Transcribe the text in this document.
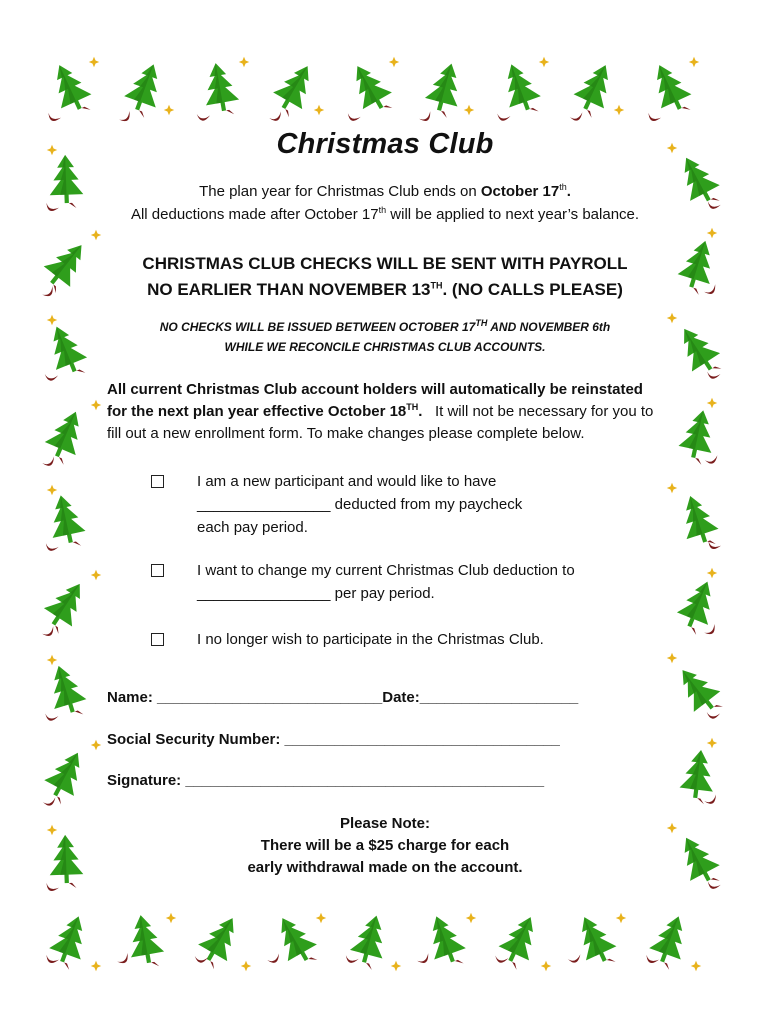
Christmas Club
The plan year for Christmas Club ends on October 17th.
All deductions made after October 17th will be applied to next year’s balance.
CHRISTMAS CLUB CHECKS WILL BE SENT WITH PAYROLL
NO EARLIER THAN NOVEMBER 13TH. (NO CALLS PLEASE)
NO CHECKS WILL BE ISSUED BETWEEN OCTOBER 17TH AND NOVEMBER 6th
WHILE WE RECONCILE CHRISTMAS CLUB ACCOUNTS.
All current Christmas Club account holders will automatically be reinstated for the next plan year effective October 18TH.   It will not be necessary for you to fill out a new enrollment form. To make changes please complete below.
I am a new participant and would like to have
________________ deducted from my paycheck
each pay period.
I want to change my current Christmas Club deduction to
________________ per pay period.
I no longer wish to participate in the Christmas Club.
Name: ___________________________Date:___________________
Social Security Number: _________________________________
Signature: ___________________________________________
Please Note:
There will be a $25 charge for each
early withdrawal made on the account.
